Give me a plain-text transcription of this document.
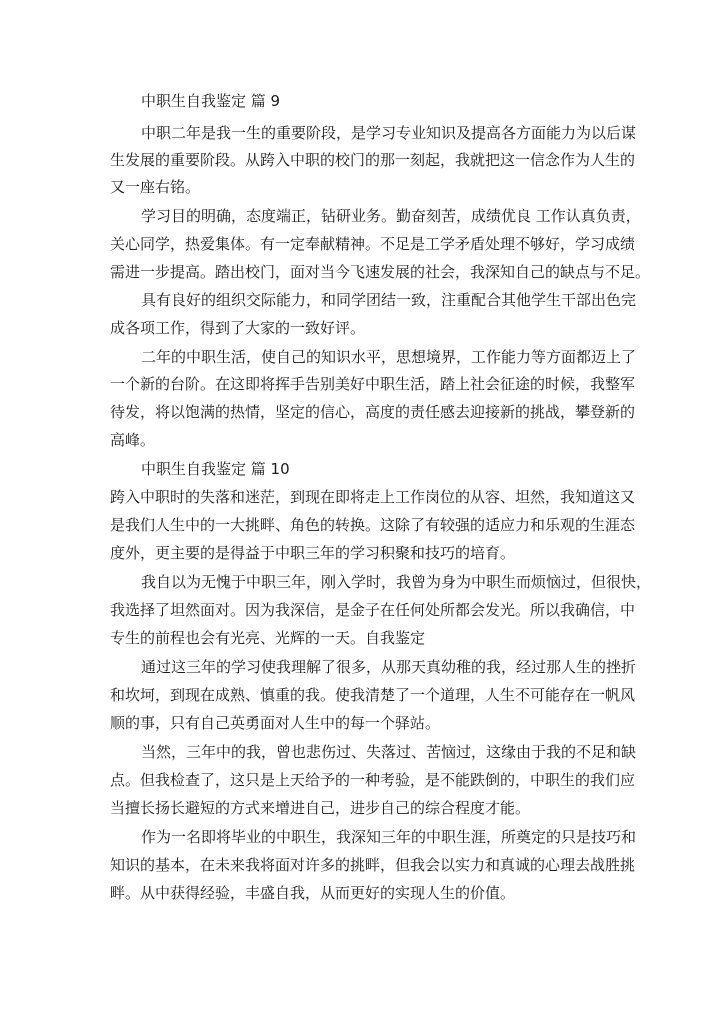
中职生自我鉴定 篇 9
中职二年是我一生的重要阶段，是学习专业知识及提高各方面能力为以后谋
生发展的重要阶段。从跨入中职的校门的那一刻起，我就把这一信念作为人生的
又一座右铭。
学习目的明确，态度端正，钻研业务。勤奋刻苦，成绩优良 工作认真负责，
关心同学，热爱集体。有一定奉献精神。不足是工学矛盾处理不够好，学习成绩
需进一步提高。踏出校门，面对当今飞速发展的社会，我深知自己的缺点与不足。
具有良好的组织交际能力，和同学团结一致，注重配合其他学生干部出色完
成各项工作，得到了大家的一致好评。
二年的中职生活，使自己的知识水平，思想境界，工作能力等方面都迈上了
一个新的台阶。在这即将挥手告别美好中职生活，踏上社会征途的时候，我整军
待发，将以饱满的热情，坚定的信心，高度的责任感去迎接新的挑战，攀登新的
高峰。
中职生自我鉴定 篇 10
跨入中职时的失落和迷茫，到现在即将走上工作岗位的从容、坦然，我知道这又
是我们人生中的一大挑畔、角色的转换。这除了有较强的适应力和乐观的生涯态
度外，更主要的是得益于中职三年的学习积聚和技巧的培育。
我自以为无愧于中职三年，刚入学时，我曾为身为中职生而烦恼过，但很快，
我选择了坦然面对。因为我深信，是金子在任何处所都会发光。所以我确信，中
专生的前程也会有光亮、光辉的一天。自我鉴定
通过这三年的学习使我理解了很多，从那天真幼稚的我，经过那人生的挫折
和坎坷，到现在成熟、慎重的我。使我清楚了一个道理，人生不可能存在一帆风
顺的事，只有自己英勇面对人生中的每一个驿站。
当然，三年中的我，曾也悲伤过、失落过、苦恼过，这缘由于我的不足和缺
点。但我检查了，这只是上天给予的一种考验，是不能跌倒的，中职生的我们应
当擅长扬长避短的方式来增进自己，进步自己的综合程度才能。
作为一名即将毕业的中职生，我深知三年的中职生涯，所奠定的只是技巧和
知识的基本，在未来我将面对许多的挑畔，但我会以实力和真诚的心理去战胜挑
畔。从中获得经验，丰盛自我，从而更好的实现人生的价值。
